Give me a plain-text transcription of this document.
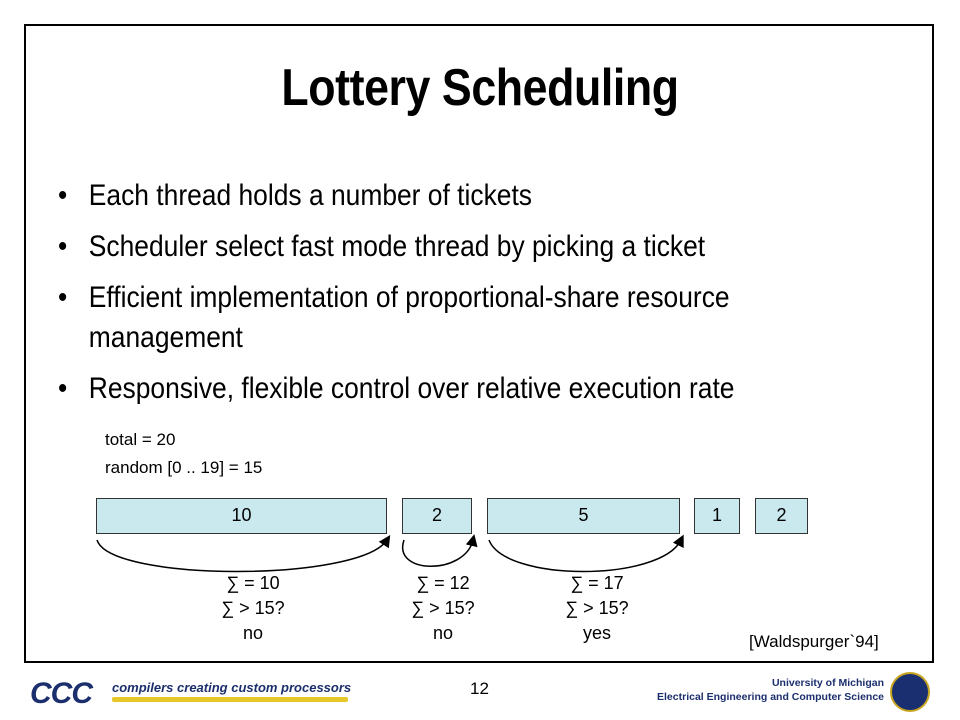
Lottery Scheduling
• Each thread holds a number of tickets
• Scheduler select fast mode thread by picking a ticket
• Efficient implementation of proportional-share resource management
• Responsive, flexible control over relative execution rate
total = 20
random [0 .. 19] = 15
10	2	5	1	2
∑ = 10
∑ > 15?
no
∑ = 12
∑ > 15?
no
∑ = 17
∑ > 15?
yes	[Waldspurger`94]
CCC compilers creating custom processors	12	University of Michigan
Electrical Engineering and Computer Science
